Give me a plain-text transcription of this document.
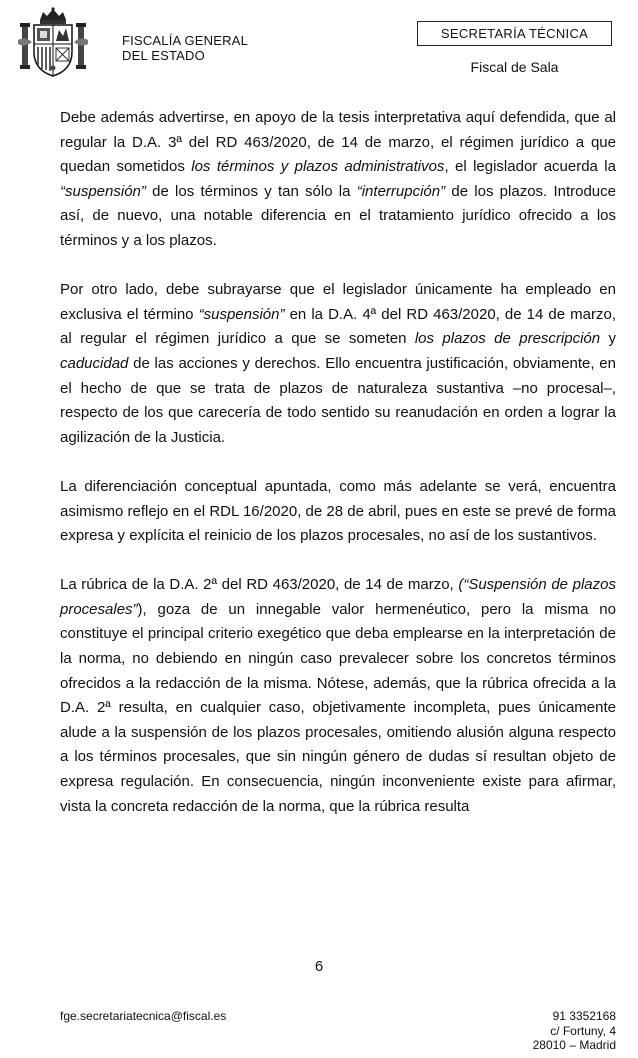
FISCALÍA GENERAL
DEL ESTADO
SECRETARÍA TÉCNICA
Fiscal de Sala

Debe además advertirse, en apoyo de la tesis interpretativa aquí defendida, que al regular la D.A. 3ª del RD 463/2020, de 14 de marzo, el régimen jurídico a que quedan sometidos los términos y plazos administrativos, el legislador acuerda la “suspensión” de los términos y tan sólo la “interrupción” de los plazos. Introduce así, de nuevo, una notable diferencia en el tratamiento jurídico ofrecido a los términos y a los plazos.

Por otro lado, debe subrayarse que el legislador únicamente ha empleado en exclusiva el término “suspensión” en la D.A. 4ª del RD 463/2020, de 14 de marzo, al regular el régimen jurídico a que se someten los plazos de prescripción y caducidad de las acciones y derechos. Ello encuentra justificación, obviamente, en el hecho de que se trata de plazos de naturaleza sustantiva –no procesal–, respecto de los que carecería de todo sentido su reanudación en orden a lograr la agilización de la Justicia.

La diferenciación conceptual apuntada, como más adelante se verá, encuentra asimismo reflejo en el RDL 16/2020, de 28 de abril, pues en este se prevé de forma expresa y explícita el reinicio de los plazos procesales, no así de los sustantivos.

La rúbrica de la D.A. 2ª del RD 463/2020, de 14 de marzo, (“Suspensión de plazos procesales”), goza de un innegable valor hermenéutico, pero la misma no constituye el principal criterio exegético que deba emplearse en la interpretación de la norma, no debiendo en ningún caso prevalecer sobre los concretos términos ofrecidos a la redacción de la misma. Nótese, además, que la rúbrica ofrecida a la D.A. 2ª resulta, en cualquier caso, objetivamente incompleta, pues únicamente alude a la suspensión de los plazos procesales, omitiendo alusión alguna respecto a los términos procesales, que sin ningún género de dudas sí resultan objeto de expresa regulación. En consecuencia, ningún inconveniente existe para afirmar, vista la concreta redacción de la norma, que la rúbrica resulta

6
fge.secretariatecnica@fiscal.es	91 3352168
c/ Fortuny, 4
28010 – Madrid
